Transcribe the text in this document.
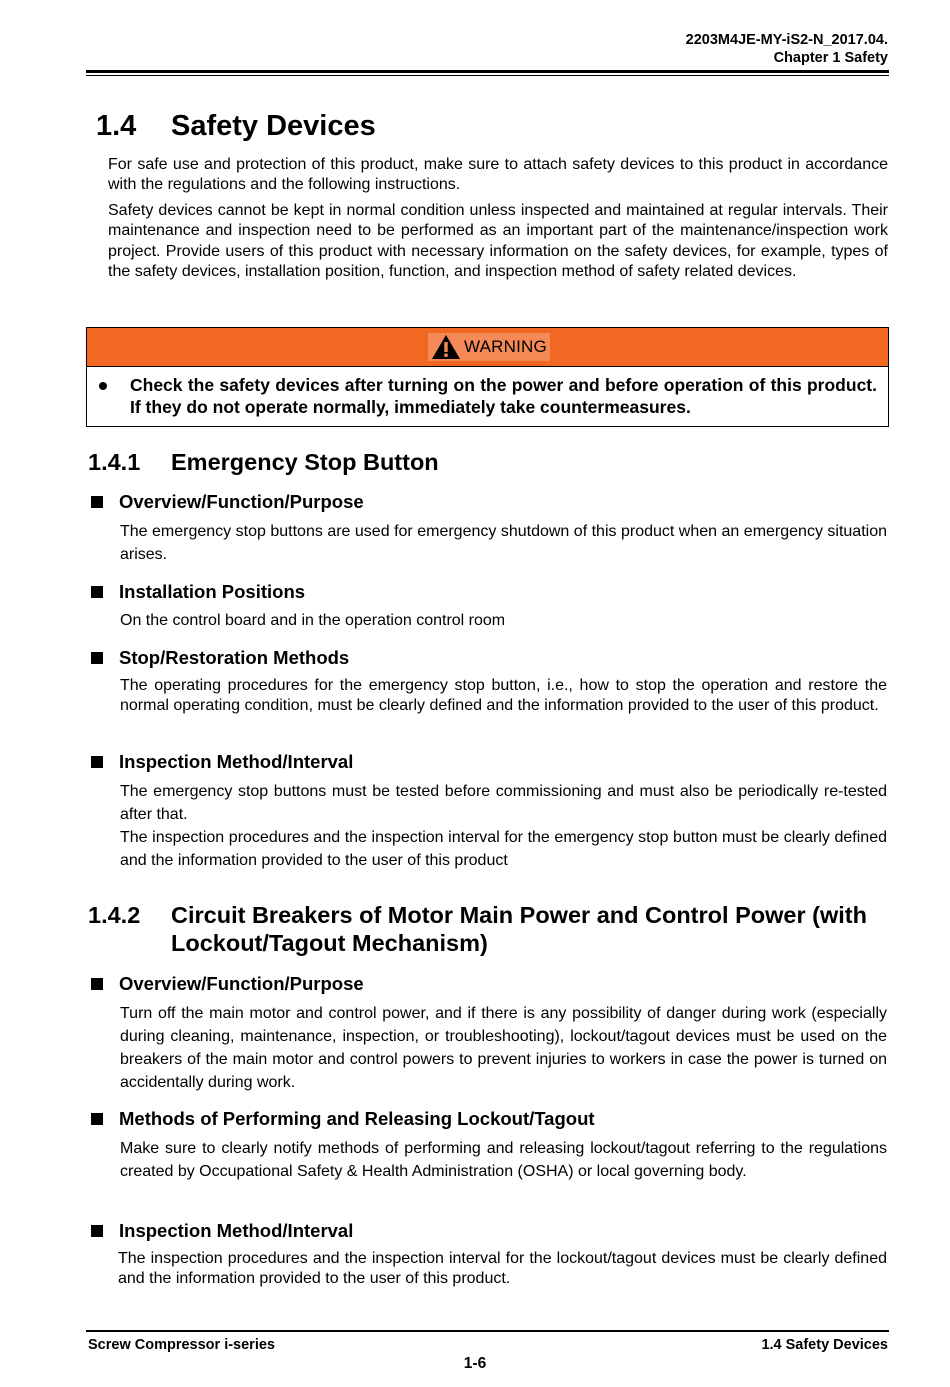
2203M4JE-MY-iS2-N_2017.04.
Chapter 1 Safety
1.4 Safety Devices

For safe use and protection of this product, make sure to attach safety devices to this product in accordance with the regulations and the following instructions.

Safety devices cannot be kept in normal condition unless inspected and maintained at regular intervals. Their maintenance and inspection need to be performed as an important part of the maintenance/inspection work project. Provide users of this product with necessary information on the safety devices, for example, types of the safety devices, installation position, function, and inspection method of safety related devices.

WARNING
Check the safety devices after turning on the power and before operation of this product. If they do not operate normally, immediately take countermeasures.
1.4.1 Emergency Stop Button
Overview/Function/Purpose

The emergency stop buttons are used for emergency shutdown of this product when an emergency situation arises.

Installation Positions

On the control board and in the operation control room

Stop/Restoration Methods

The operating procedures for the emergency stop button, i.e., how to stop the operation and restore the normal operating condition, must be clearly defined and the information provided to the user of this product.

Inspection Method/Interval

The emergency stop buttons must be tested before commissioning and must also be periodically re-tested after that.

The inspection procedures and the inspection interval for the emergency stop button must be clearly defined and the information provided to the user of this product

1.4.2 Circuit Breakers of Motor Main Power and Control Power (with Lockout/Tagout Mechanism)
Overview/Function/Purpose

Turn off the main motor and control power, and if there is any possibility of danger during work (especially during cleaning, maintenance, inspection, or troubleshooting), lockout/tagout devices must be used on the breakers of the main motor and control powers to prevent injuries to workers in case the power is turned on accidentally during work.

Methods of Performing and Releasing Lockout/Tagout

Make sure to clearly notify methods of performing and releasing lockout/tagout referring to the regulations created by Occupational Safety & Health Administration (OSHA) or local governing body.

Inspection Method/Interval

The inspection procedures and the inspection interval for the lockout/tagout devices must be clearly defined and the information provided to the user of this product.

Screw Compressor i-series	1.4 Safety Devices
1-6
